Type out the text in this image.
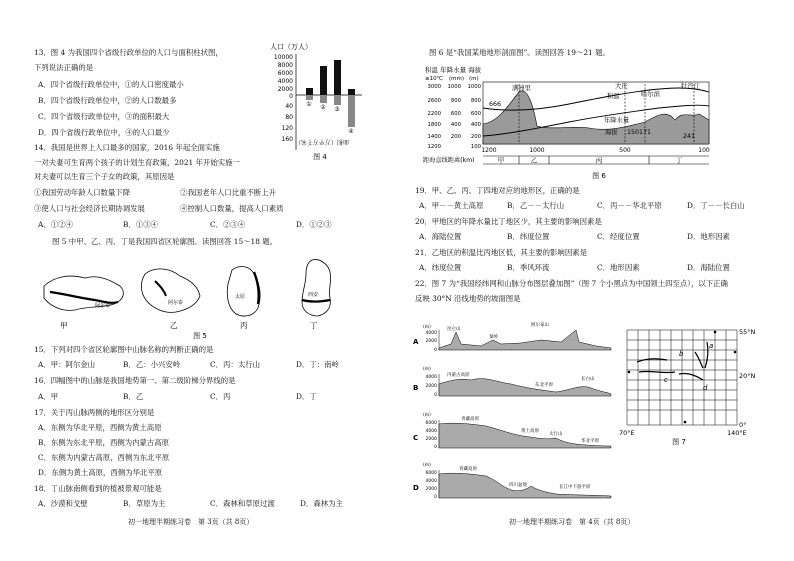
13．图 4 为我国四个省级行政单位的人口与面积柱状图，
下列说法正确的是
A．四个省级行政单位中，①的人口密度最小
B．四个省级行政单位中，②的人口数最多
C．四个省级行政单位中，③的面积最大
D．四个省级行政单位中，④的人口最少
人口（万人）
10000
8000
6000
4000
2000
0
40
80
120
160
① ② ③
④
面积（万平方千米）
图 4
14．我国是世界上人口最多的国家，2016 年起全面实施
一对夫妻可生育两个孩子的计划生育政策，2021 年开始实施一
对夫妻可以生育三个子女的政策，其原因是
①我国劳动年龄人口数量下降	②我国老年人口比重不断上升
③使人口与社会经济长期协调发展	④控制人口数量，提高人口素质
A．①②④	B．①③④	C．②③④	D．①②③
图 5 中甲、乙、丙、丁是我国四省区轮廓图。读图回答 15～18 题。
阿尔泰
甲
阿尔泰
乙
太原
丙
西安
丁
图 5
15．下列对四个省区轮廓图中山脉名称的判断正确的是
A．甲：阿尔金山	B．乙：小兴安岭	C．丙：太行山	D．丁：南岭
16．四幅图中的山脉是我国地势第一、第二级阶梯分界线的是
A．甲	B．乙	C．丙	D．丁
17．关于丙山脉两侧的地形区分别是
A．东侧为华北平原，西侧为黄土高原
B．东侧为东北平原，西侧为内蒙古高原
C．东侧为内蒙古高原，西侧为东北平原
D．东侧为黄土高原，西侧为华北平原
18．丁山脉南侧看到的植被景观可能是
A．沙漠和戈壁	B．草原为主	C．森林和草原过渡	D．森林为主
初一地理半期练习卷　第 3页（共 8页）
图 6 是“我国某地地形剖面图”。读图回答 19～21 题。
积温 年降水量 海拔
≥10℃ (mm) (m)
3000
2600
2200
1800
1400
1200
1000
800
600
400
200
1000
800
600
400
200
100
满洲里	大庆
哈尔滨
牡丹江
积温
年降水量
海拔
666
150 171
241
1200	1000	500	100
距海直线距离(km)	甲	乙	丙	丁
图 6
19．甲、乙、丙、丁四地对应的地形区，正确的是
A．甲－－黄土高原	B．乙－－太行山	C．丙－－华北平原	D．丁－－长白山
20．甲地区的年降水量比丁地区少，其主要的影响因素是
A．海陆位置	B．纬度位置	C．经度位置	D．地形因素
21．乙地区的积温比丙地区低，其主要的影响因素是
A．纬度位置	B．季风环流	C．地形因素	D．海陆位置
22．图 7 为“我国经纬网和山脉分布图层叠加图”（图 7 个小黑点为中国领土四至点），以下正确
反映 30°N 沿线地势的坡面图是
A
(m)
4000
2000
0
昆仑山
秦岭
阿尔泰山
B
(m)
4000
2000
0
内蒙古高原
东北平原
长白山
C
(m)
6000
4000
2000
0
青藏高原
黄土高原
太行山
华北平原
D
(m)
6000
4000
2000
0
青藏高原
四川盆地	长江中下游平原
a
b
c
d
55°N
20°N
0°
70°E	140°E
图 7
初一地理半期练习卷　第 4页（共 8页）
